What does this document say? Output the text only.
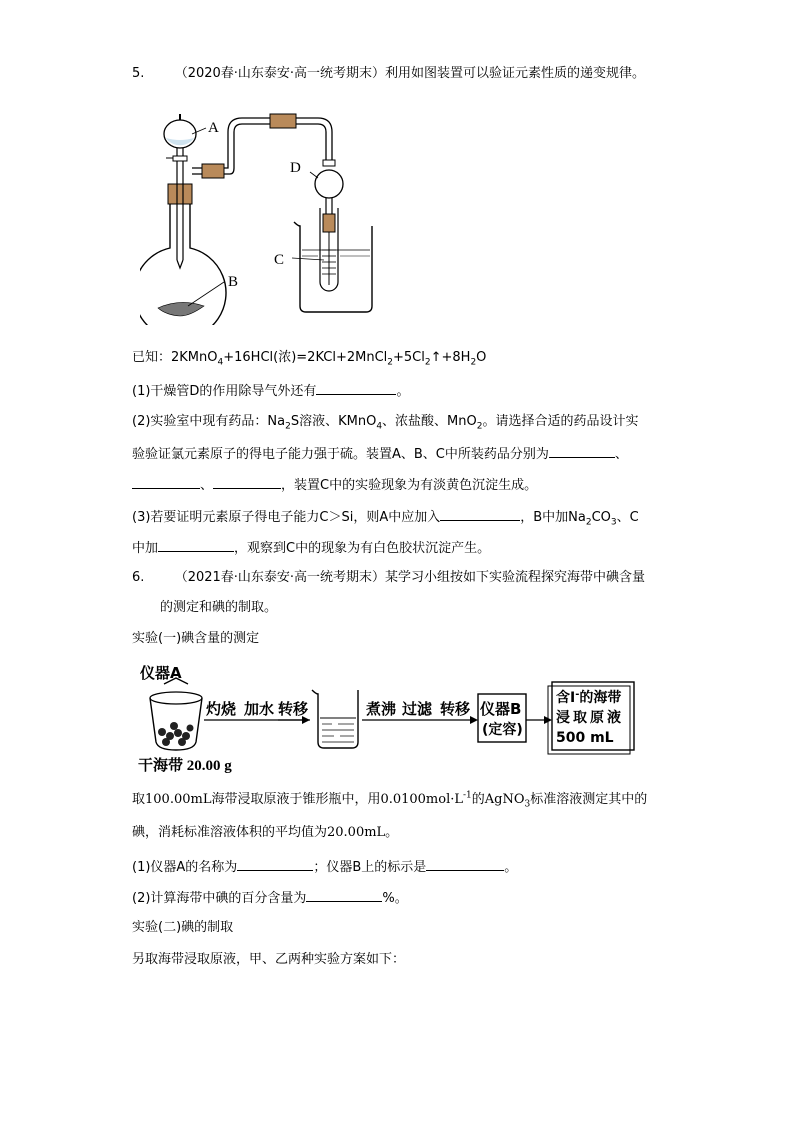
5. （2020春·山东泰安·高一统考期末）利用如图装置可以验证元素性质的递变规律。
A
B
D
C
已知：2KMnO$_4$+16HCl(浓)$=2KCl+2MnCl_2+5Cl_2↑+8H_2O$
(1)干燥管D的作用除导气外还有	。
(2)实验室中现有药品：$Na_2S$溶液、KMnO$_4$、浓盐酸、MnO$_2$。请选择合适的药品设计实
验验证氯元素原子的得电子能力强于硫。装置A、B、C中所装药品分别为	、
、	，装置C中的实验现象为有淡黄色沉淀生成。
(3)若要证明元素原子得电子能力C＞Si，则A中应加入	，B中加$Na_2CO_3$、C
中加	，观察到C中的现象为有白色胶状沉淀产生。
6. （2021春·山东泰安·高一统考期末）某学习小组按如下实验流程探究海带中碘含量
的测定和碘的制取。
实验(一)碘含量的测定
仪器A
干海带 20.00 g
灼烧 加水 转移	煮沸 过滤 转移 仪器B
(定容)
含I-的海带
浸取原液
500 mL
取100.00mL海带浸取原液于锥形瓶中，用$0.0100mol\cdot L^{-1}$的AgNO$_3$标准溶液测定其中的
碘，消耗标准溶液体积的平均值为20.00mL。
(1)仪器A的名称为	；仪器B上的标示是	。
(2)计算海带中碘的百分含量为	%。
实验(二)碘的制取
另取海带浸取原液，甲、乙两种实验方案如下：
